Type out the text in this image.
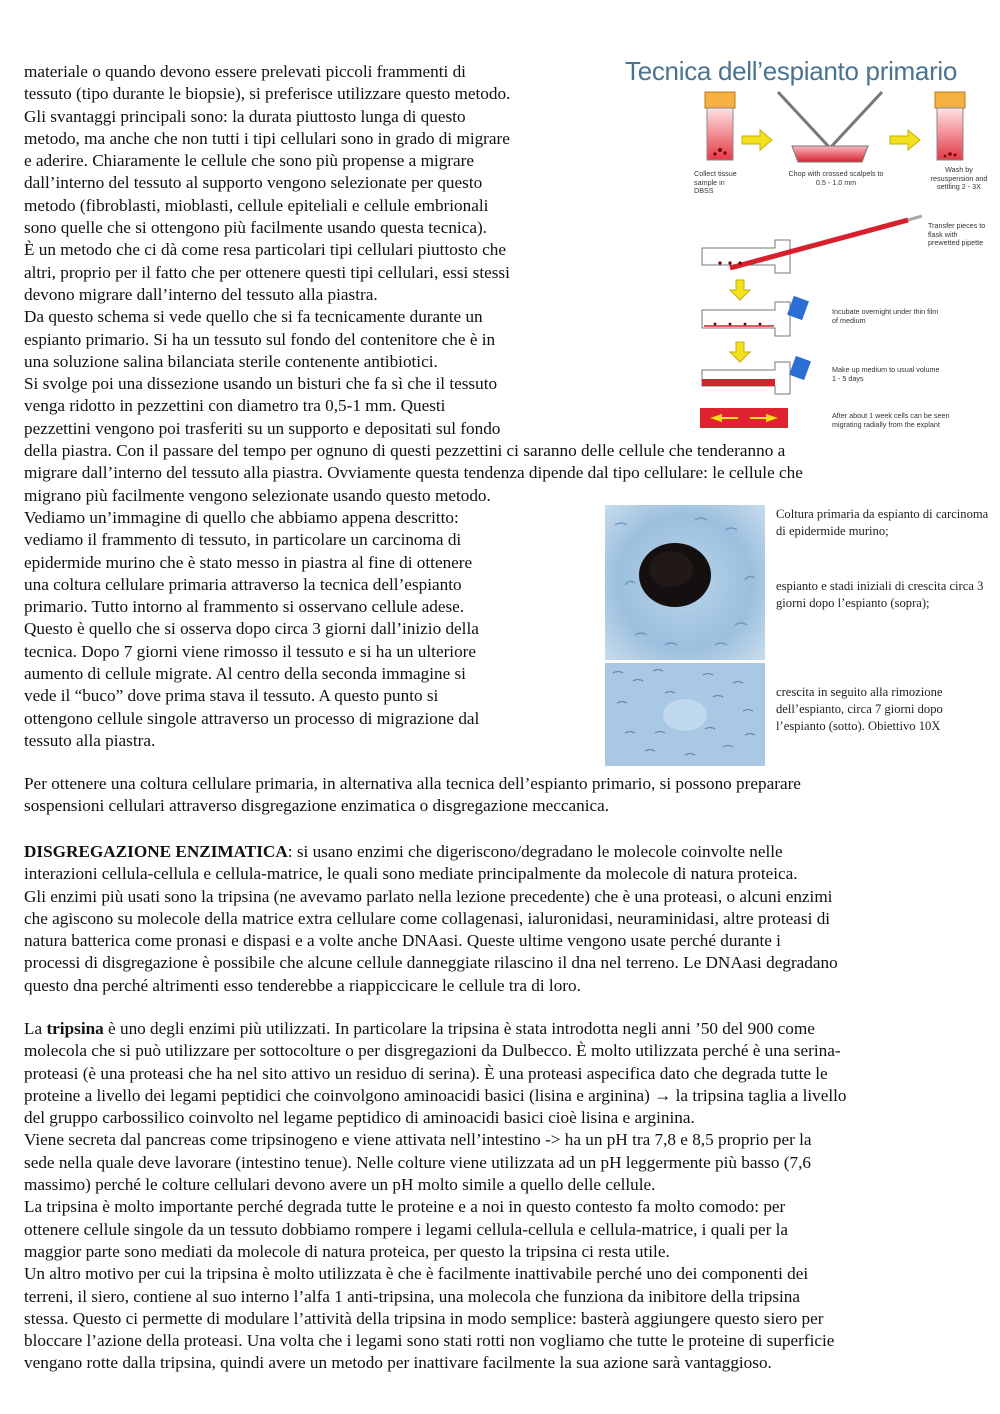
materiale o quando devono essere prelevati piccoli frammenti di

tessuto (tipo durante le biopsie), si preferisce utilizzare questo metodo.

Gli svantaggi principali sono: la durata piuttosto lunga di questo

metodo, ma anche che non tutti i tipi cellulari sono in grado di migrare

e aderire. Chiaramente le cellule che sono più propense a migrare

dall’interno del tessuto al supporto vengono selezionate per questo

metodo (fibroblasti, mioblasti, cellule epiteliali e cellule embrionali

sono quelle che si ottengono più facilmente usando questa tecnica).

È un metodo che ci dà come resa particolari tipi cellulari piuttosto che

altri, proprio per il fatto che per ottenere questi tipi cellulari, essi stessi

devono migrare dall’interno del tessuto alla piastra.

Da questo schema si vede quello che si fa tecnicamente durante un

espianto primario. Si ha un tessuto sul fondo del contenitore che è in

una soluzione salina bilanciata sterile contenente antibiotici.

Si svolge poi una dissezione usando un bisturi che fa sì che il tessuto

venga ridotto in pezzettini con diametro tra 0,5-1 mm. Questi

pezzettini vengono poi trasferiti su un supporto e depositati sul fondo

Tecnica dell’espianto primario
Collect tissue sample in DBSS
Chop with crossed scalpels to 0.5 - 1.0 mm
Wash by resuspension and settling 2 - 3X
Transfer pieces to flask with prewetted pipette
Incubate overnight under thin film of medium
Make up medium to usual volume 1 - 5 days
After about 1 week cells can be seen migrating radially from the explant

della piastra. Con il passare del tempo per ognuno di questi pezzettini ci saranno delle cellule che tenderanno a

migrare dall’interno del tessuto alla piastra. Ovviamente questa tendenza dipende dal tipo cellulare: le cellule che

migrano più facilmente vengono selezionate usando questo metodo.

Vediamo un’immagine di quello che abbiamo appena descritto:

vediamo il frammento di tessuto, in particolare un carcinoma di

epidermide murino che è stato messo in piastra al fine di ottenere

una coltura cellulare primaria attraverso la tecnica dell’espianto

primario. Tutto intorno al frammento si osservano cellule adese.

Questo è quello che si osserva dopo circa 3 giorni dall’inizio della

tecnica. Dopo 7 giorni viene rimosso il tessuto e si ha un ulteriore

aumento di cellule migrate. Al centro della seconda immagine si

vede il “buco” dove prima stava il tessuto. A questo punto si

ottengono cellule singole attraverso un processo di migrazione dal

tessuto alla piastra.

Coltura primaria da espianto di carcinoma di epidermide murino;
espianto e stadi iniziali di crescita circa 3 giorni dopo l’espianto (sopra);
crescita in seguito alla rimozione dell’espianto, circa 7 giorni dopo l’espianto (sotto). Obiettivo 10X

Per ottenere una coltura cellulare primaria, in alternativa alla tecnica dell’espianto primario, si possono preparare

sospensioni cellulari attraverso disgregazione enzimatica o disgregazione meccanica.

DISGREGAZIONE ENZIMATICA: si usano enzimi che digeriscono/degradano le molecole coinvolte nelle

interazioni cellula-cellula e cellula-matrice, le quali sono mediate principalmente da molecole di natura proteica.

Gli enzimi più usati sono la tripsina (ne avevamo parlato nella lezione precedente) che è una proteasi, o alcuni enzimi

che agiscono su molecole della matrice extra cellulare come collagenasi, ialuronidasi, neuraminidasi, altre proteasi di

natura batterica come pronasi e dispasi e a volte anche DNAasi. Queste ultime vengono usate perché durante i

processi di disgregazione è possibile che alcune cellule danneggiate rilascino il dna nel terreno. Le DNAasi degradano

questo dna perché altrimenti esso tenderebbe a riappiccicare le cellule tra di loro.

La tripsina è uno degli enzimi più utilizzati. In particolare la tripsina è stata introdotta negli anni ’50 del 900 come

molecola che si può utilizzare per sottocolture o per disgregazioni da Dulbecco. È molto utilizzata perché è una serina-

proteasi (è una proteasi che ha nel sito attivo un residuo di serina). È una proteasi aspecifica dato che degrada tutte le

proteine a livello dei legami peptidici che coinvolgono aminoacidi basici (lisina e arginina) → la tripsina taglia a livello

del gruppo carbossilico coinvolto nel legame peptidico di aminoacidi basici cioè lisina e arginina.

Viene secreta dal pancreas come tripsinogeno e viene attivata nell’intestino -> ha un pH tra 7,8 e 8,5 proprio per la

sede nella quale deve lavorare (intestino tenue). Nelle colture viene utilizzata ad un pH leggermente più basso (7,6

massimo) perché le colture cellulari devono avere un pH molto simile a quello delle cellule.

La tripsina è molto importante perché degrada tutte le proteine e a noi in questo contesto fa molto comodo: per

ottenere cellule singole da un tessuto dobbiamo rompere i legami cellula-cellula e cellula-matrice, i quali per la

maggior parte sono mediati da molecole di natura proteica, per questo la tripsina ci resta utile.

Un altro motivo per cui la tripsina è molto utilizzata è che è facilmente inattivabile perché uno dei componenti dei

terreni, il siero, contiene al suo interno l’alfa 1 anti-tripsina, una molecola che funziona da inibitore della tripsina

stessa. Questo ci permette di modulare l’attività della tripsina in modo semplice: basterà aggiungere questo siero per

bloccare l’azione della proteasi. Una volta che i legami sono stati rotti non vogliamo che tutte le proteine di superficie

vengano rotte dalla tripsina, quindi avere un metodo per inattivare facilmente la sua azione sarà vantaggioso.
